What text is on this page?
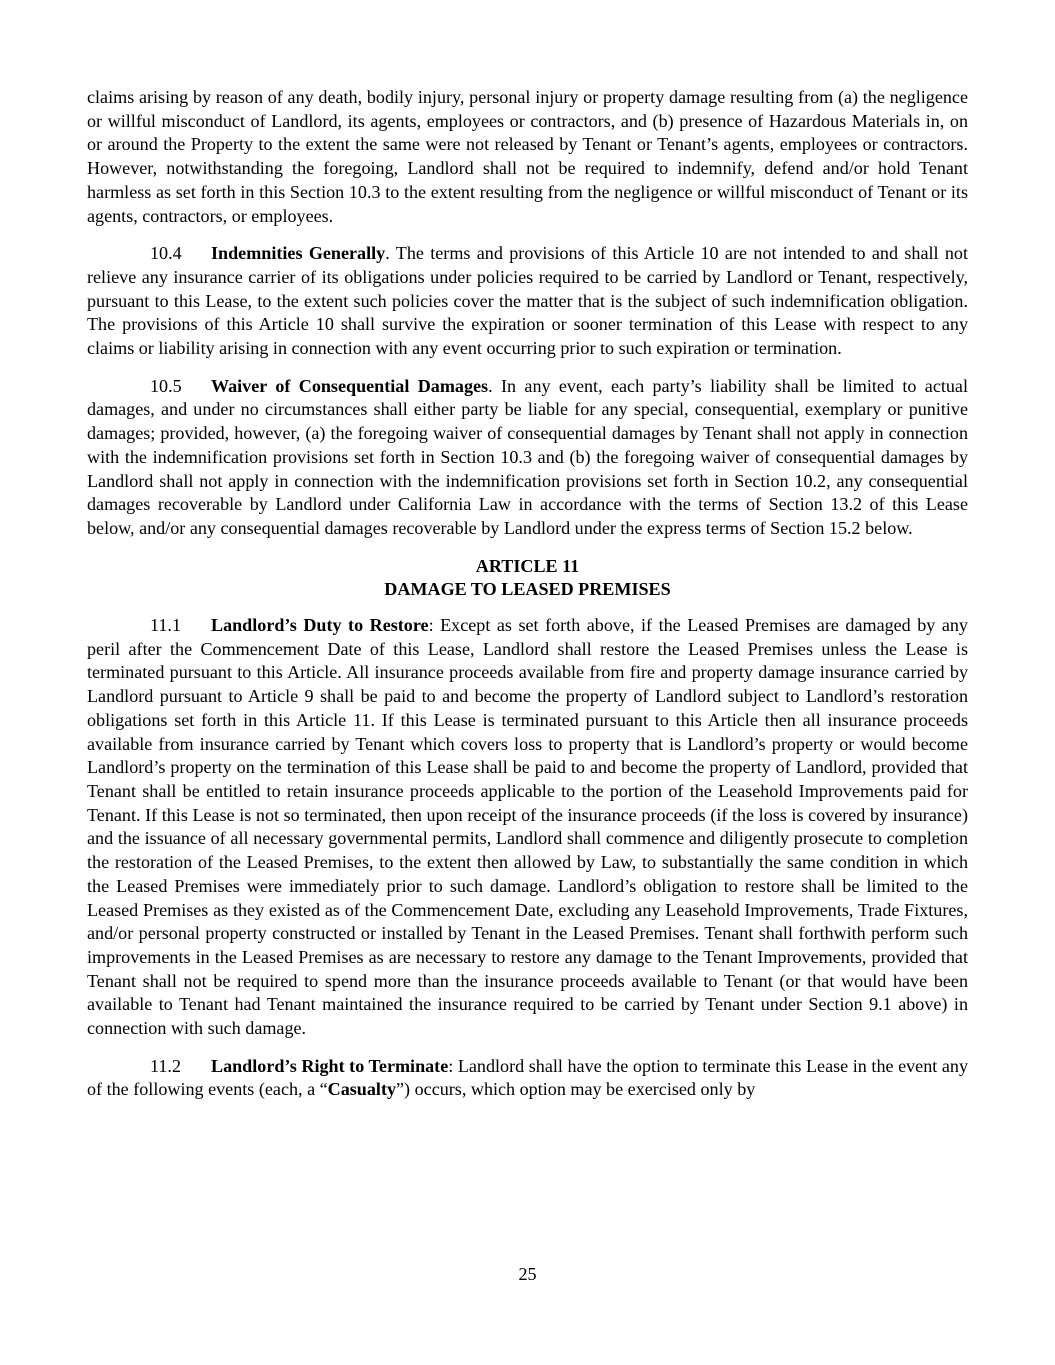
claims arising by reason of any death, bodily injury, personal injury or property damage resulting from (a) the negligence or willful misconduct of Landlord, its agents, employees or contractors, and (b) presence of Hazardous Materials in, on or around the Property to the extent the same were not released by Tenant or Tenant’s agents, employees or contractors. However, notwithstanding the foregoing, Landlord shall not be required to indemnify, defend and/or hold Tenant harmless as set forth in this Section 10.3 to the extent resulting from the negligence or willful misconduct of Tenant or its agents, contractors, or employees.

10.4 Indemnities Generally. The terms and provisions of this Article 10 are not intended to and shall not relieve any insurance carrier of its obligations under policies required to be carried by Landlord or Tenant, respectively, pursuant to this Lease, to the extent such policies cover the matter that is the subject of such indemnification obligation. The provisions of this Article 10 shall survive the expiration or sooner termination of this Lease with respect to any claims or liability arising in connection with any event occurring prior to such expiration or termination.

10.5 Waiver of Consequential Damages. In any event, each party’s liability shall be limited to actual damages, and under no circumstances shall either party be liable for any special, consequential, exemplary or punitive damages; provided, however, (a) the foregoing waiver of consequential damages by Tenant shall not apply in connection with the indemnification provisions set forth in Section 10.3 and (b) the foregoing waiver of consequential damages by Landlord shall not apply in connection with the indemnification provisions set forth in Section 10.2, any consequential damages recoverable by Landlord under California Law in accordance with the terms of Section 13.2 of this Lease below, and/or any consequential damages recoverable by Landlord under the express terms of Section 15.2 below.

ARTICLE 11
DAMAGE TO LEASED PREMISES

11.1 Landlord’s Duty to Restore: Except as set forth above, if the Leased Premises are damaged by any peril after the Commencement Date of this Lease, Landlord shall restore the Leased Premises unless the Lease is terminated pursuant to this Article. All insurance proceeds available from fire and property damage insurance carried by Landlord pursuant to Article 9 shall be paid to and become the property of Landlord subject to Landlord’s restoration obligations set forth in this Article 11. If this Lease is terminated pursuant to this Article then all insurance proceeds available from insurance carried by Tenant which covers loss to property that is Landlord’s property or would become Landlord’s property on the termination of this Lease shall be paid to and become the property of Landlord, provided that Tenant shall be entitled to retain insurance proceeds applicable to the portion of the Leasehold Improvements paid for Tenant. If this Lease is not so terminated, then upon receipt of the insurance proceeds (if the loss is covered by insurance) and the issuance of all necessary governmental permits, Landlord shall commence and diligently prosecute to completion the restoration of the Leased Premises, to the extent then allowed by Law, to substantially the same condition in which the Leased Premises were immediately prior to such damage. Landlord’s obligation to restore shall be limited to the Leased Premises as they existed as of the Commencement Date, excluding any Leasehold Improvements, Trade Fixtures, and/or personal property constructed or installed by Tenant in the Leased Premises. Tenant shall forthwith perform such improvements in the Leased Premises as are necessary to restore any damage to the Tenant Improvements, provided that Tenant shall not be required to spend more than the insurance proceeds available to Tenant (or that would have been available to Tenant had Tenant maintained the insurance required to be carried by Tenant under Section 9.1 above) in connection with such damage.

11.2 Landlord’s Right to Terminate: Landlord shall have the option to terminate this Lease in the event any of the following events (each, a “Casualty”) occurs, which option may be exercised only by

25
